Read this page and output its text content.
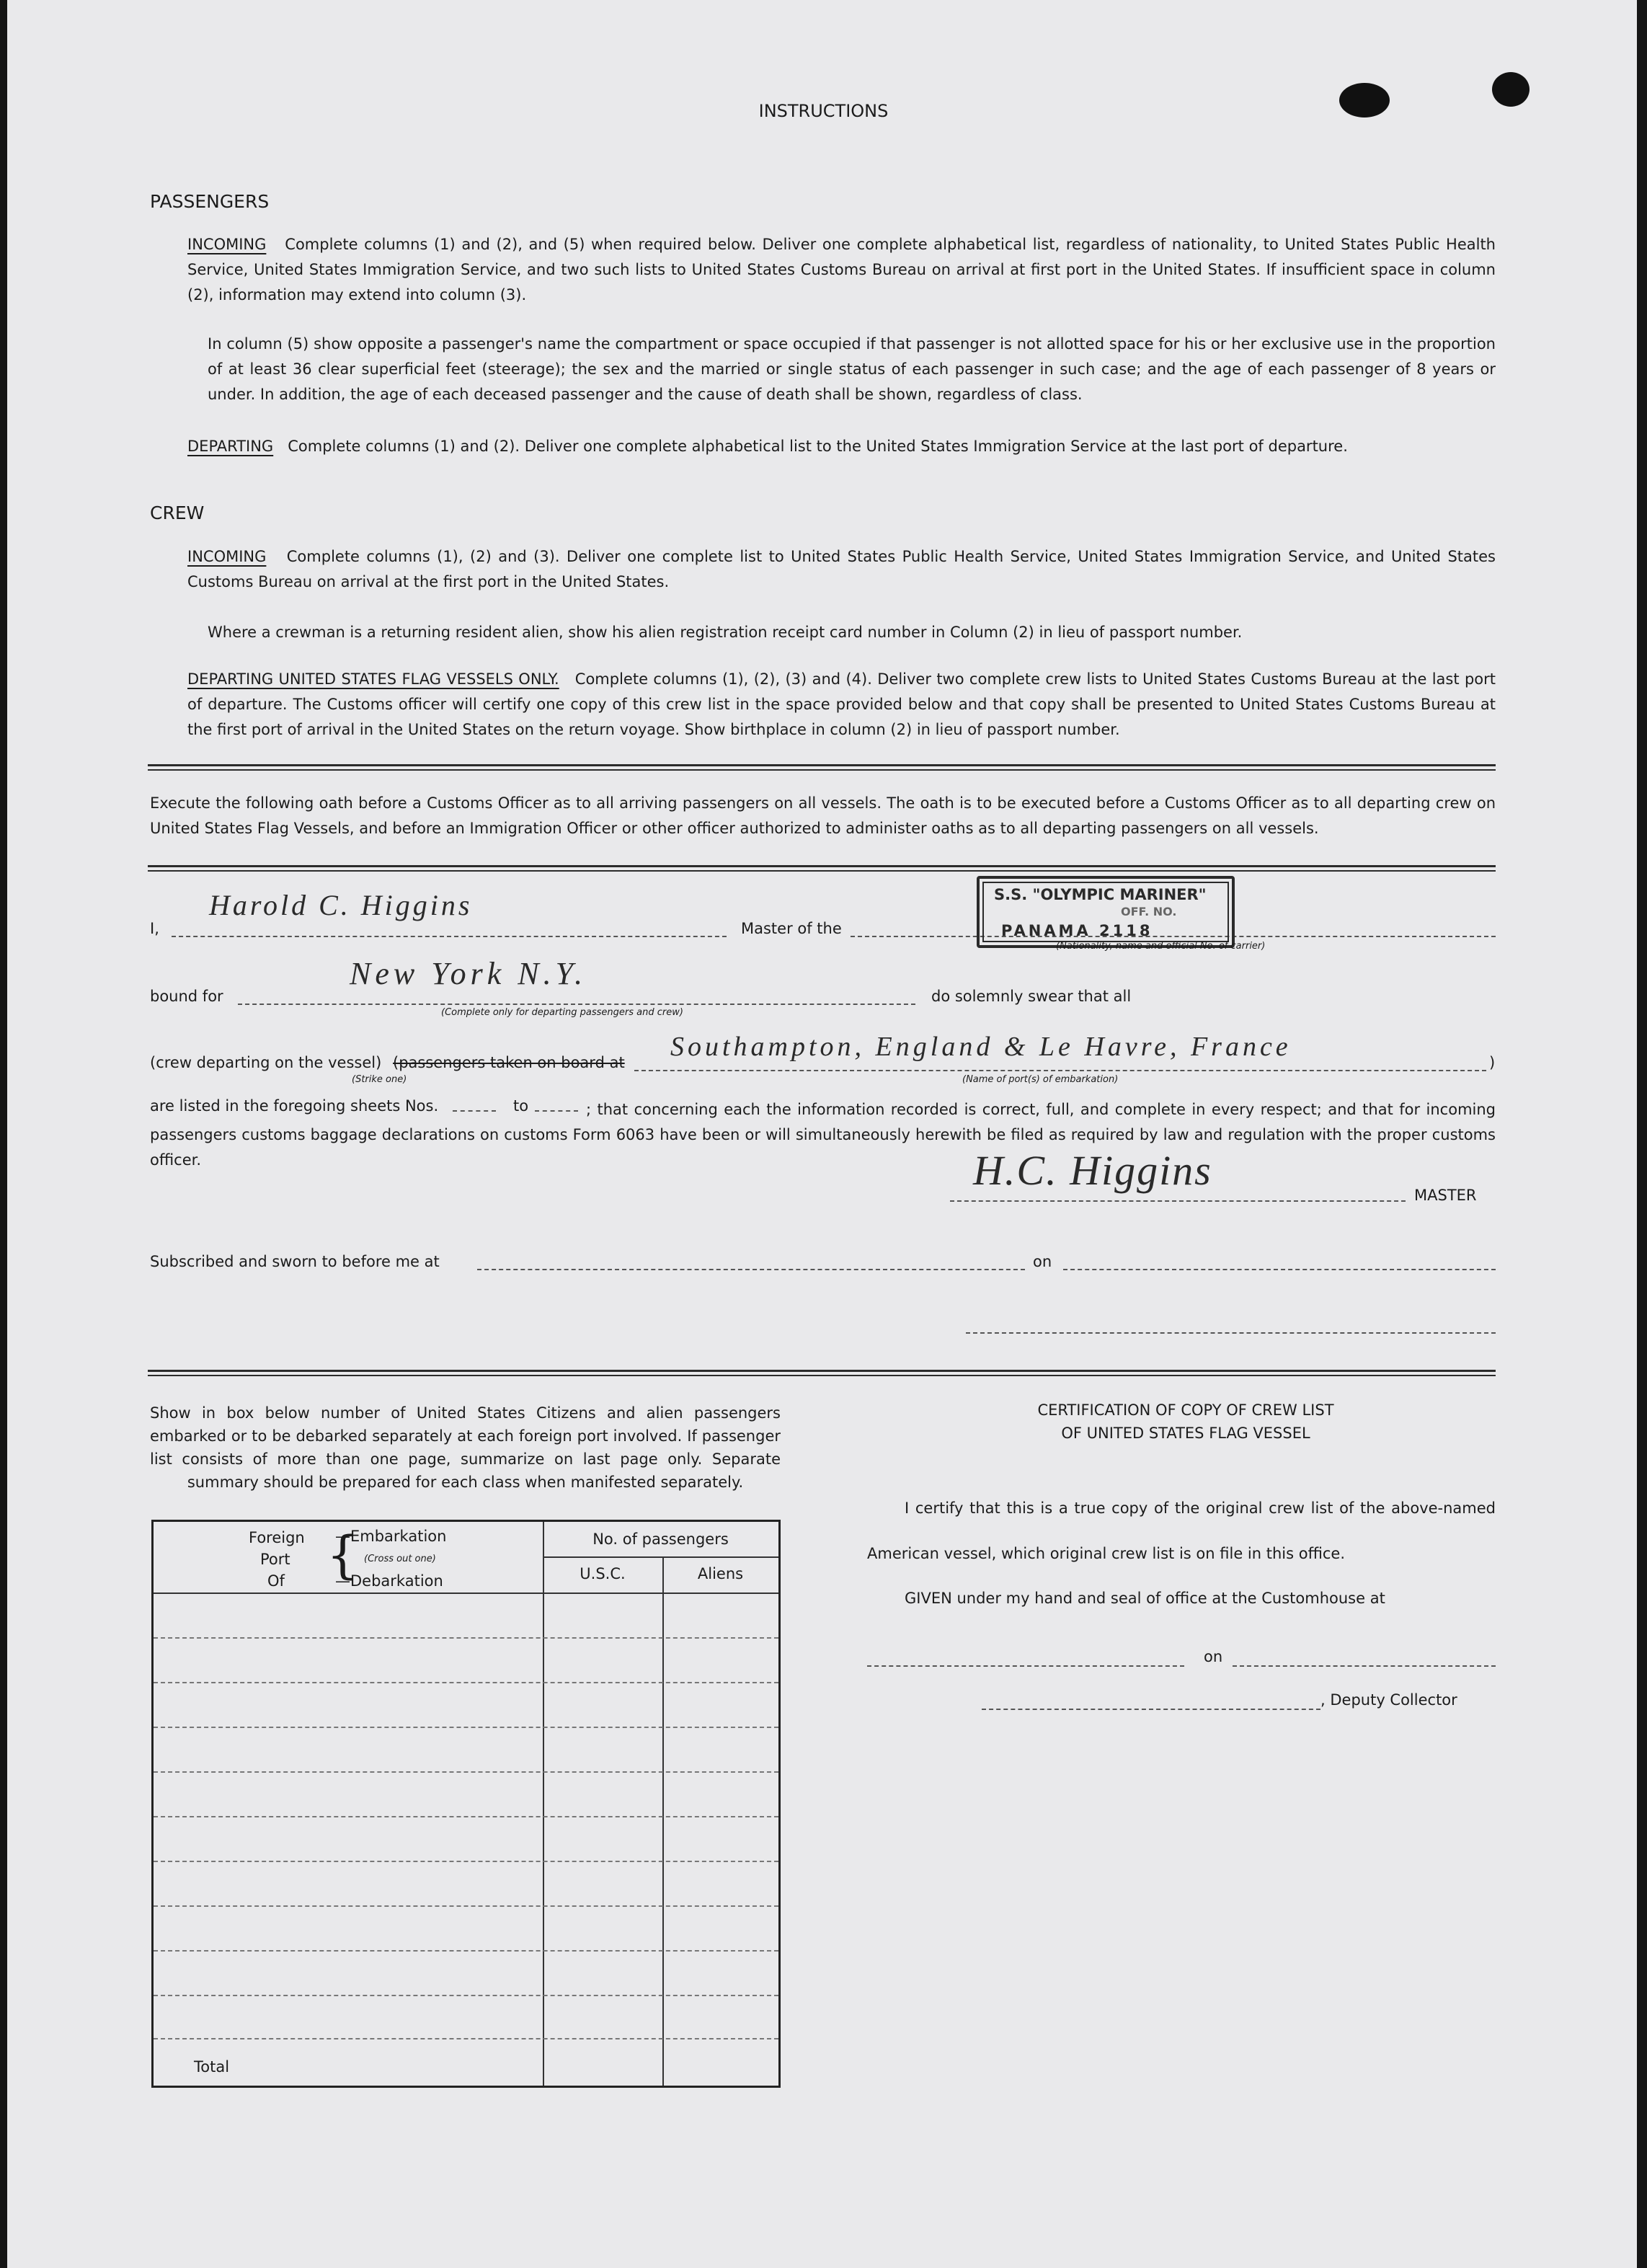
INSTRUCTIONS
PASSENGERS
INCOMING Complete columns (1) and (2), and (5) when required below. Deliver one complete alphabetical list, regardless of nationality, to United States Public Health Service, United States Immigration Service, and two such lists to United States Customs Bureau on arrival at first port in the United States. If insufficient space in column (2), information may extend into column (3).
In column (5) show opposite a passenger's name the compartment or space occupied if that passenger is not allotted space for his or her exclusive use in the proportion of at least 36 clear superficial feet (steerage); the sex and the married or single status of each passenger in such case; and the age of each passenger of 8 years or under. In addition, the age of each deceased passenger and the cause of death shall be shown, regardless of class.
DEPARTING Complete columns (1) and (2). Deliver one complete alphabetical list to the United States Immigration Service at the last port of departure.
CREW
INCOMING Complete columns (1), (2) and (3). Deliver one complete list to United States Public Health Service, United States Immigration Service, and United States Customs Bureau on arrival at the first port in the United States.
Where a crewman is a returning resident alien, show his alien registration receipt card number in Column (2) in lieu of passport number.
DEPARTING UNITED STATES FLAG VESSELS ONLY. Complete columns (1), (2), (3) and (4). Deliver two complete crew lists to United States Customs Bureau at the last port of departure. The Customs officer will certify one copy of this crew list in the space provided below and that copy shall be presented to United States Customs Bureau at the first port of arrival in the United States on the return voyage. Show birthplace in column (2) in lieu of passport number.
Execute the following oath before a Customs Officer as to all arriving passengers on all vessels. The oath is to be executed before a Customs Officer as to all departing crew on United States Flag Vessels, and before an Immigration Officer or other officer authorized to administer oaths as to all departing passengers on all vessels.
I,
Harold C. Higgins
Master of the
S.S. "OLYMPIC MARINER"
OFF. NO.
PANAMA 2118
(Nationality, name and official No. of carrier)
bound for
New York N.Y.
(Complete only for departing passengers and crew)
do solemnly swear that all
(crew departing on the vessel) (passengers taken on board at
(Strike one)
Southampton, England & Le Havre, France
(Name of port(s) of embarkation)
)
are listed in the foregoing sheets Nos.	to	; that concerning each the information recorded is correct, full, and complete in every respect; and that for incoming passengers customs baggage declarations on customs Form 6063 have been or will simultaneously herewith be filed as required by law and regulation with the proper customs officer.	H.C. Higgins
MASTER
Subscribed and sworn to before me at	on
Show in box below number of United States Citizens and alien passengers embarked or to be debarked separately at each foreign port involved. If passenger list consists of more than one page, summarize on last page only. Separate summary should be prepared for each class when manifested separately.
Foreign
Port
Of {
—Embarkation
(Cross out one)
—Debarkation
No. of passengers
U.S.C.	Aliens
Total
CERTIFICATION OF COPY OF CREW LIST
OF UNITED STATES FLAG VESSEL
I certify that this is a true copy of the original crew list of the above-named
American vessel, which original crew list is on file in this office.
GIVEN under my hand and seal of office at the Customhouse at
on
, Deputy Collector
